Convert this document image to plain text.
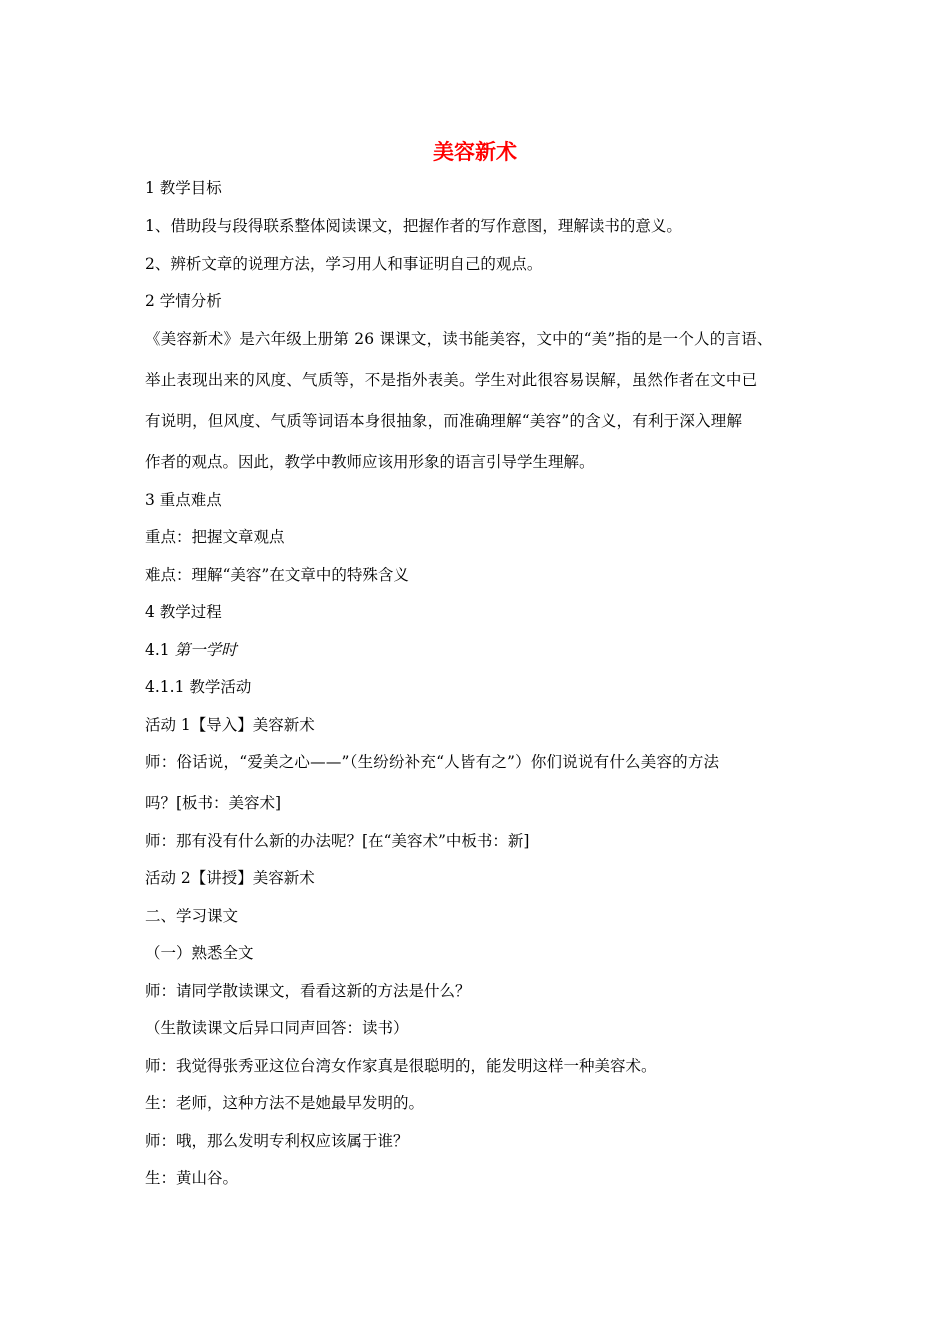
美容新术
1 教学目标
1、借助段与段得联系整体阅读课文，把握作者的写作意图，理解读书的意义。
2、辨析文章的说理方法，学习用人和事证明自己的观点。
2 学情分析
《美容新术》是六年级上册第 26 课课文，读书能美容，文中的“美”指的是一个人的言语、
举止表现出来的风度、气质等，不是指外表美。学生对此很容易误解，虽然作者在文中已
有说明，但风度、气质等词语本身很抽象，而准确理解“美容”的含义，有利于深入理解
作者的观点。因此，教学中教师应该用形象的语言引导学生理解。
3 重点难点
重点：把握文章观点
难点：理解“美容”在文章中的特殊含义
4 教学过程
4.1 第一学时
4.1.1 教学活动
活动 1【导入】美容新术
师：俗话说，“爱美之心——”（生纷纷补充“人皆有之”）你们说说有什么美容的方法
吗？[板书：美容术]
师：那有没有什么新的办法呢？[在“美容术”中板书：新]
活动 2【讲授】美容新术
二、学习课文
（一）熟悉全文
师：请同学散读课文，看看这新的方法是什么？
（生散读课文后异口同声回答：读书）
师：我觉得张秀亚这位台湾女作家真是很聪明的，能发明这样一种美容术。
生：老师，这种方法不是她最早发明的。
师：哦，那么发明专利权应该属于谁？
生：黄山谷。
